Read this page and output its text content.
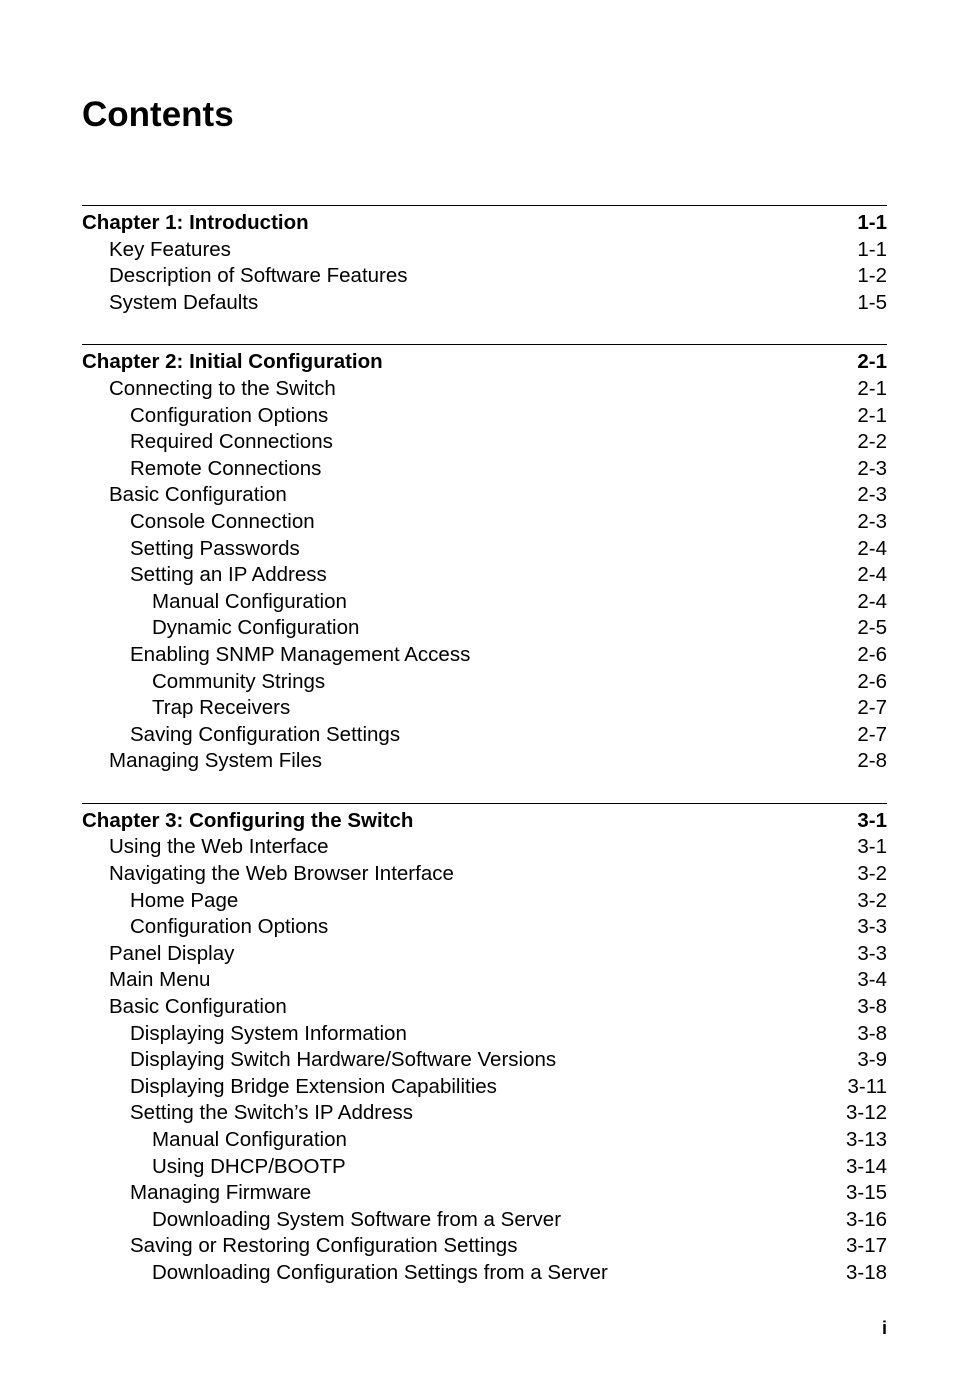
Contents
Chapter 1: Introduction	1-1
Key Features	1-1
Description of Software Features	1-2
System Defaults	1-5
Chapter 2: Initial Configuration	2-1
Connecting to the Switch	2-1
Configuration Options	2-1
Required Connections	2-2
Remote Connections	2-3
Basic Configuration	2-3
Console Connection	2-3
Setting Passwords	2-4
Setting an IP Address	2-4
Manual Configuration	2-4
Dynamic Configuration	2-5
Enabling SNMP Management Access	2-6
Community Strings	2-6
Trap Receivers	2-7
Saving Configuration Settings	2-7
Managing System Files	2-8
Chapter 3: Configuring the Switch	3-1
Using the Web Interface	3-1
Navigating the Web Browser Interface	3-2
Home Page	3-2
Configuration Options	3-3
Panel Display	3-3
Main Menu	3-4
Basic Configuration	3-8
Displaying System Information	3-8
Displaying Switch Hardware/Software Versions	3-9
Displaying Bridge Extension Capabilities	3-11
Setting the Switch’s IP Address	3-12
Manual Configuration	3-13
Using DHCP/BOOTP	3-14
Managing Firmware	3-15
Downloading System Software from a Server	3-16
Saving or Restoring Configuration Settings	3-17
Downloading Configuration Settings from a Server	3-18
i
